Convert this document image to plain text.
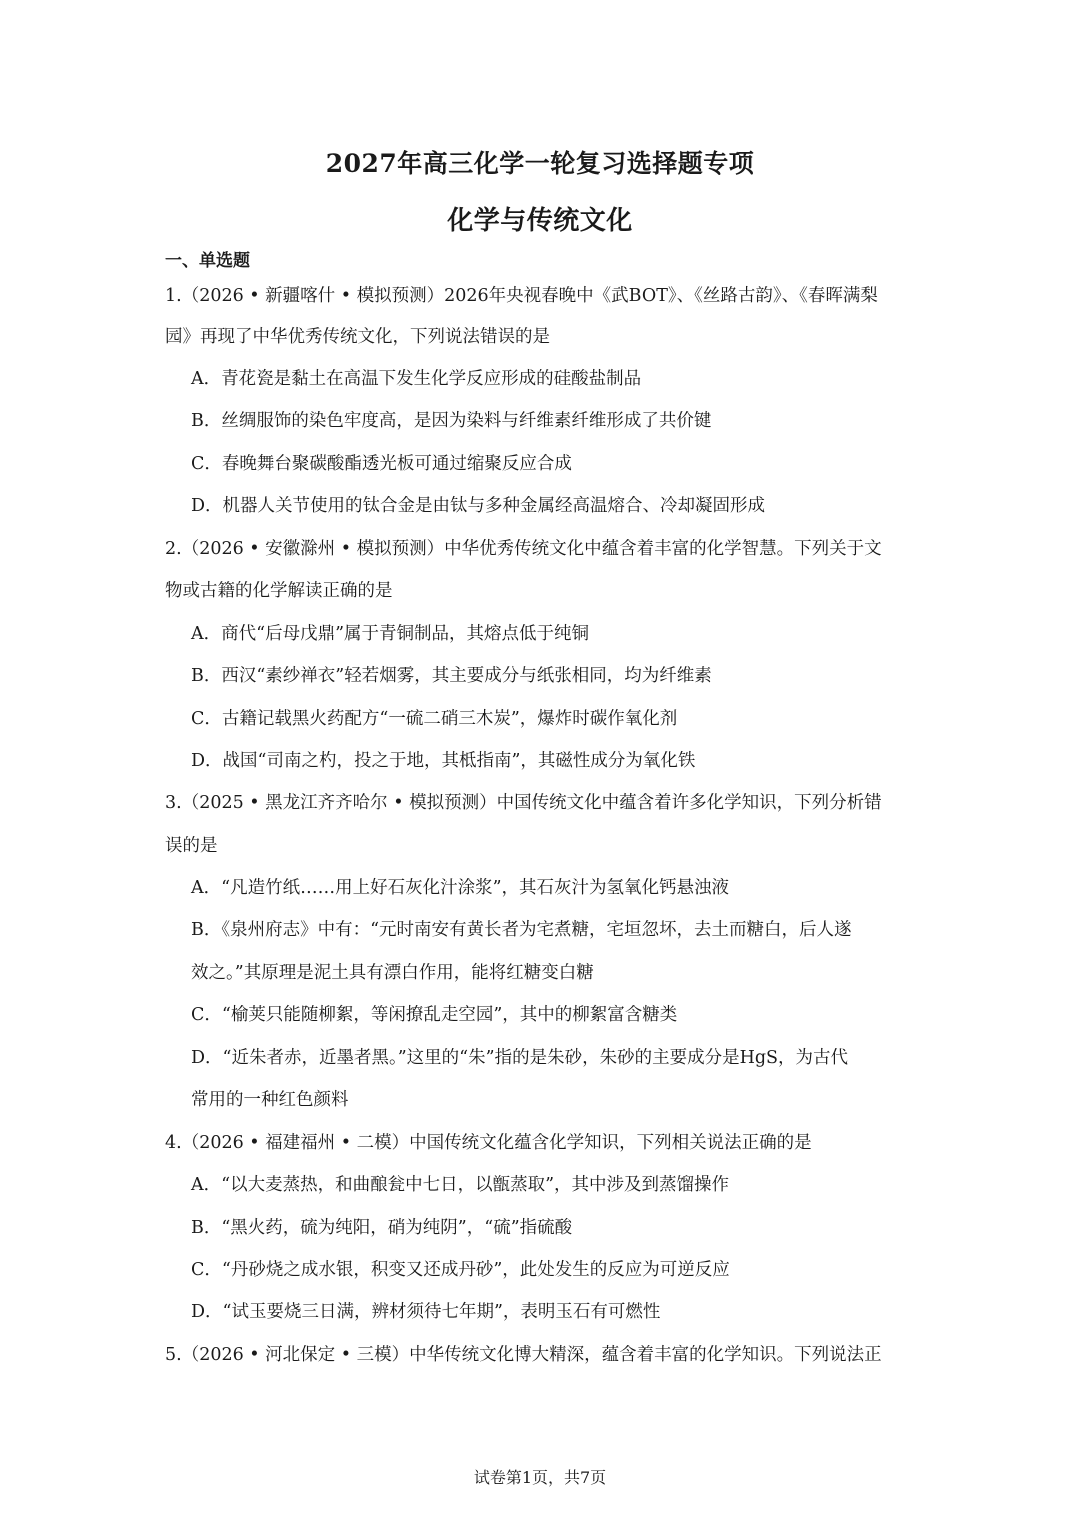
2027年高三化学一轮复习选择题专项
化学与传统文化
一、单选题
1.（2026 • 新疆喀什 • 模拟预测）2026年央视春晚中《武BOT》、《丝路古韵》、《春晖满梨
园》再现了中华优秀传统文化，下列说法错误的是
A．青花瓷是黏土在高温下发生化学反应形成的硅酸盐制品
B．丝绸服饰的染色牢度高，是因为染料与纤维素纤维形成了共价键
C．春晚舞台聚碳酸酯透光板可通过缩聚反应合成
D．机器人关节使用的钛合金是由钛与多种金属经高温熔合、冷却凝固形成
2.（2026 • 安徽滁州 • 模拟预测）中华优秀传统文化中蕴含着丰富的化学智慧。下列关于文
物或古籍的化学解读正确的是
A．商代“后母戊鼎”属于青铜制品，其熔点低于纯铜
B．西汉“素纱禅衣”轻若烟雾，其主要成分与纸张相同，均为纤维素
C．古籍记载黑火药配方“一硫二硝三木炭”，爆炸时碳作氧化剂
D．战国“司南之杓，投之于地，其柢指南”，其磁性成分为氧化铁
3.（2025 • 黑龙江齐齐哈尔 • 模拟预测）中国传统文化中蕴含着许多化学知识，下列分析错
误的是
A．“凡造竹纸……用上好石灰化汁涂浆”，其石灰汁为氢氧化钙悬浊液
B．《泉州府志》中有：“元时南安有黄长者为宅煮糖，宅垣忽坏，去土而糖白，后人遂
效之。”其原理是泥土具有漂白作用，能将红糖变白糖
C．“榆荚只能随柳絮，等闲撩乱走空园”，其中的柳絮富含糖类
D．“近朱者赤，近墨者黑。”这里的“朱”指的是朱砂，朱砂的主要成分是HgS，为古代
常用的一种红色颜料
4.（2026 • 福建福州 • 二模）中国传统文化蕴含化学知识，下列相关说法正确的是
A．“以大麦蒸热，和曲酿瓮中七日，以甑蒸取”，其中涉及到蒸馏操作
B．“黑火药，硫为纯阳，硝为纯阴”，“硫”指硫酸
C．“丹砂烧之成水银，积变又还成丹砂”，此处发生的反应为可逆反应
D．“试玉要烧三日满，辨材须待七年期”，表明玉石有可燃性
5.（2026 • 河北保定 • 三模）中华传统文化博大精深，蕴含着丰富的化学知识。下列说法正
试卷第1页，共7页
